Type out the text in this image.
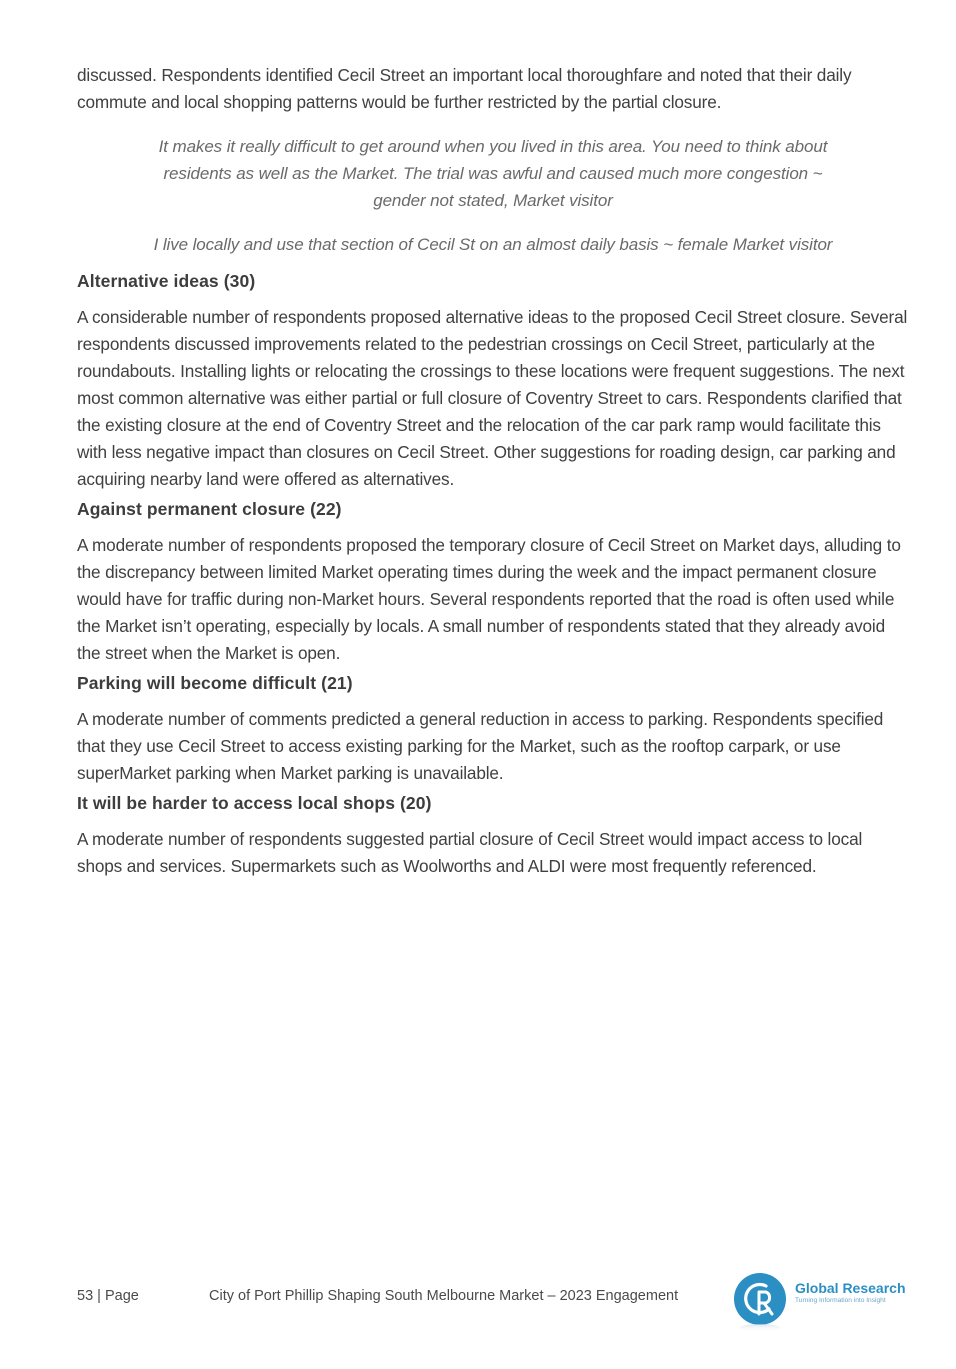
discussed. Respondents identified Cecil Street an important local thoroughfare and noted that their daily commute and local shopping patterns would be further restricted by the partial closure.

It makes it really difficult to get around when you lived in this area. You need to think about residents as well as the Market. The trial was awful and caused much more congestion ~ gender not stated, Market visitor

I live locally and use that section of Cecil St on an almost daily basis ~ female Market visitor

Alternative ideas (30)

A considerable number of respondents proposed alternative ideas to the proposed Cecil Street closure. Several respondents discussed improvements related to the pedestrian crossings on Cecil Street, particularly at the roundabouts. Installing lights or relocating the crossings to these locations were frequent suggestions. The next most common alternative was either partial or full closure of Coventry Street to cars. Respondents clarified that the existing closure at the end of Coventry Street and the relocation of the car park ramp would facilitate this with less negative impact than closures on Cecil Street. Other suggestions for roading design, car parking and acquiring nearby land were offered as alternatives.

Against permanent closure (22)

A moderate number of respondents proposed the temporary closure of Cecil Street on Market days, alluding to the discrepancy between limited Market operating times during the week and the impact permanent closure would have for traffic during non-Market hours. Several respondents reported that the road is often used while the Market isn’t operating, especially by locals. A small number of respondents stated that they already avoid the street when the Market is open.

Parking will become difficult (21)

A moderate number of comments predicted a general reduction in access to parking. Respondents specified that they use Cecil Street to access existing parking for the Market, such as the rooftop carpark, or use superMarket parking when Market parking is unavailable.

It will be harder to access local shops (20)

A moderate number of respondents suggested partial closure of Cecil Street would impact access to local shops and services. Supermarkets such as Woolworths and ALDI were most frequently referenced.

53 | Page	City of Port Phillip Shaping South Melbourne Market – 2023 Engagement	Global Research
Turning Information into Insight
